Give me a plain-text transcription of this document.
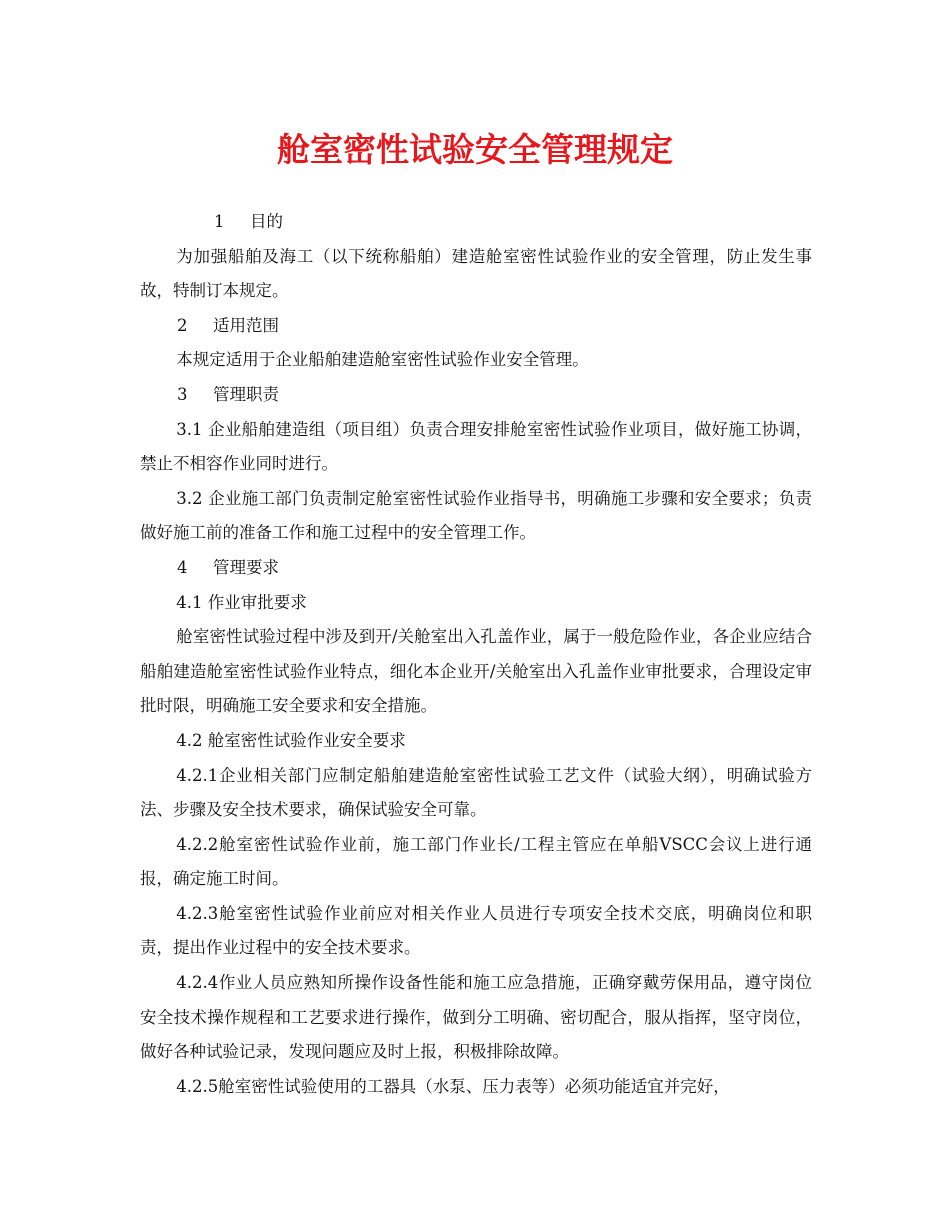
舱室密性试验安全管理规定

1 目的

为加强船舶及海工（以下统称船舶）建造舱室密性试验作业的安全管理，防止发生事故，特制订本规定。

2 适用范围

本规定适用于企业船舶建造舱室密性试验作业安全管理。

3 管理职责

3.1 企业船舶建造组（项目组）负责合理安排舱室密性试验作业项目，做好施工协调，禁止不相容作业同时进行。

3.2 企业施工部门负责制定舱室密性试验作业指导书，明确施工步骤和安全要求；负责做好施工前的准备工作和施工过程中的安全管理工作。

4 管理要求

4.1 作业审批要求

舱室密性试验过程中涉及到开/关舱室出入孔盖作业，属于一般危险作业，各企业应结合船舶建造舱室密性试验作业特点，细化本企业开/关舱室出入孔盖作业审批要求，合理设定审批时限，明确施工安全要求和安全措施。

4.2 舱室密性试验作业安全要求

4.2.1企业相关部门应制定船舶建造舱室密性试验工艺文件（试验大纲），明确试验方法、步骤及安全技术要求，确保试验安全可靠。

4.2.2舱室密性试验作业前，施工部门作业长/工程主管应在单船VSCC会议上进行通报，确定施工时间。

4.2.3舱室密性试验作业前应对相关作业人员进行专项安全技术交底，明确岗位和职责，提出作业过程中的安全技术要求。

4.2.4作业人员应熟知所操作设备性能和施工应急措施，正确穿戴劳保用品，遵守岗位安全技术操作规程和工艺要求进行操作，做到分工明确、密切配合，服从指挥，坚守岗位，做好各种试验记录，发现问题应及时上报，积极排除故障。

4.2.5舱室密性试验使用的工器具（水泵、压力表等）必须功能适宜并完好，
